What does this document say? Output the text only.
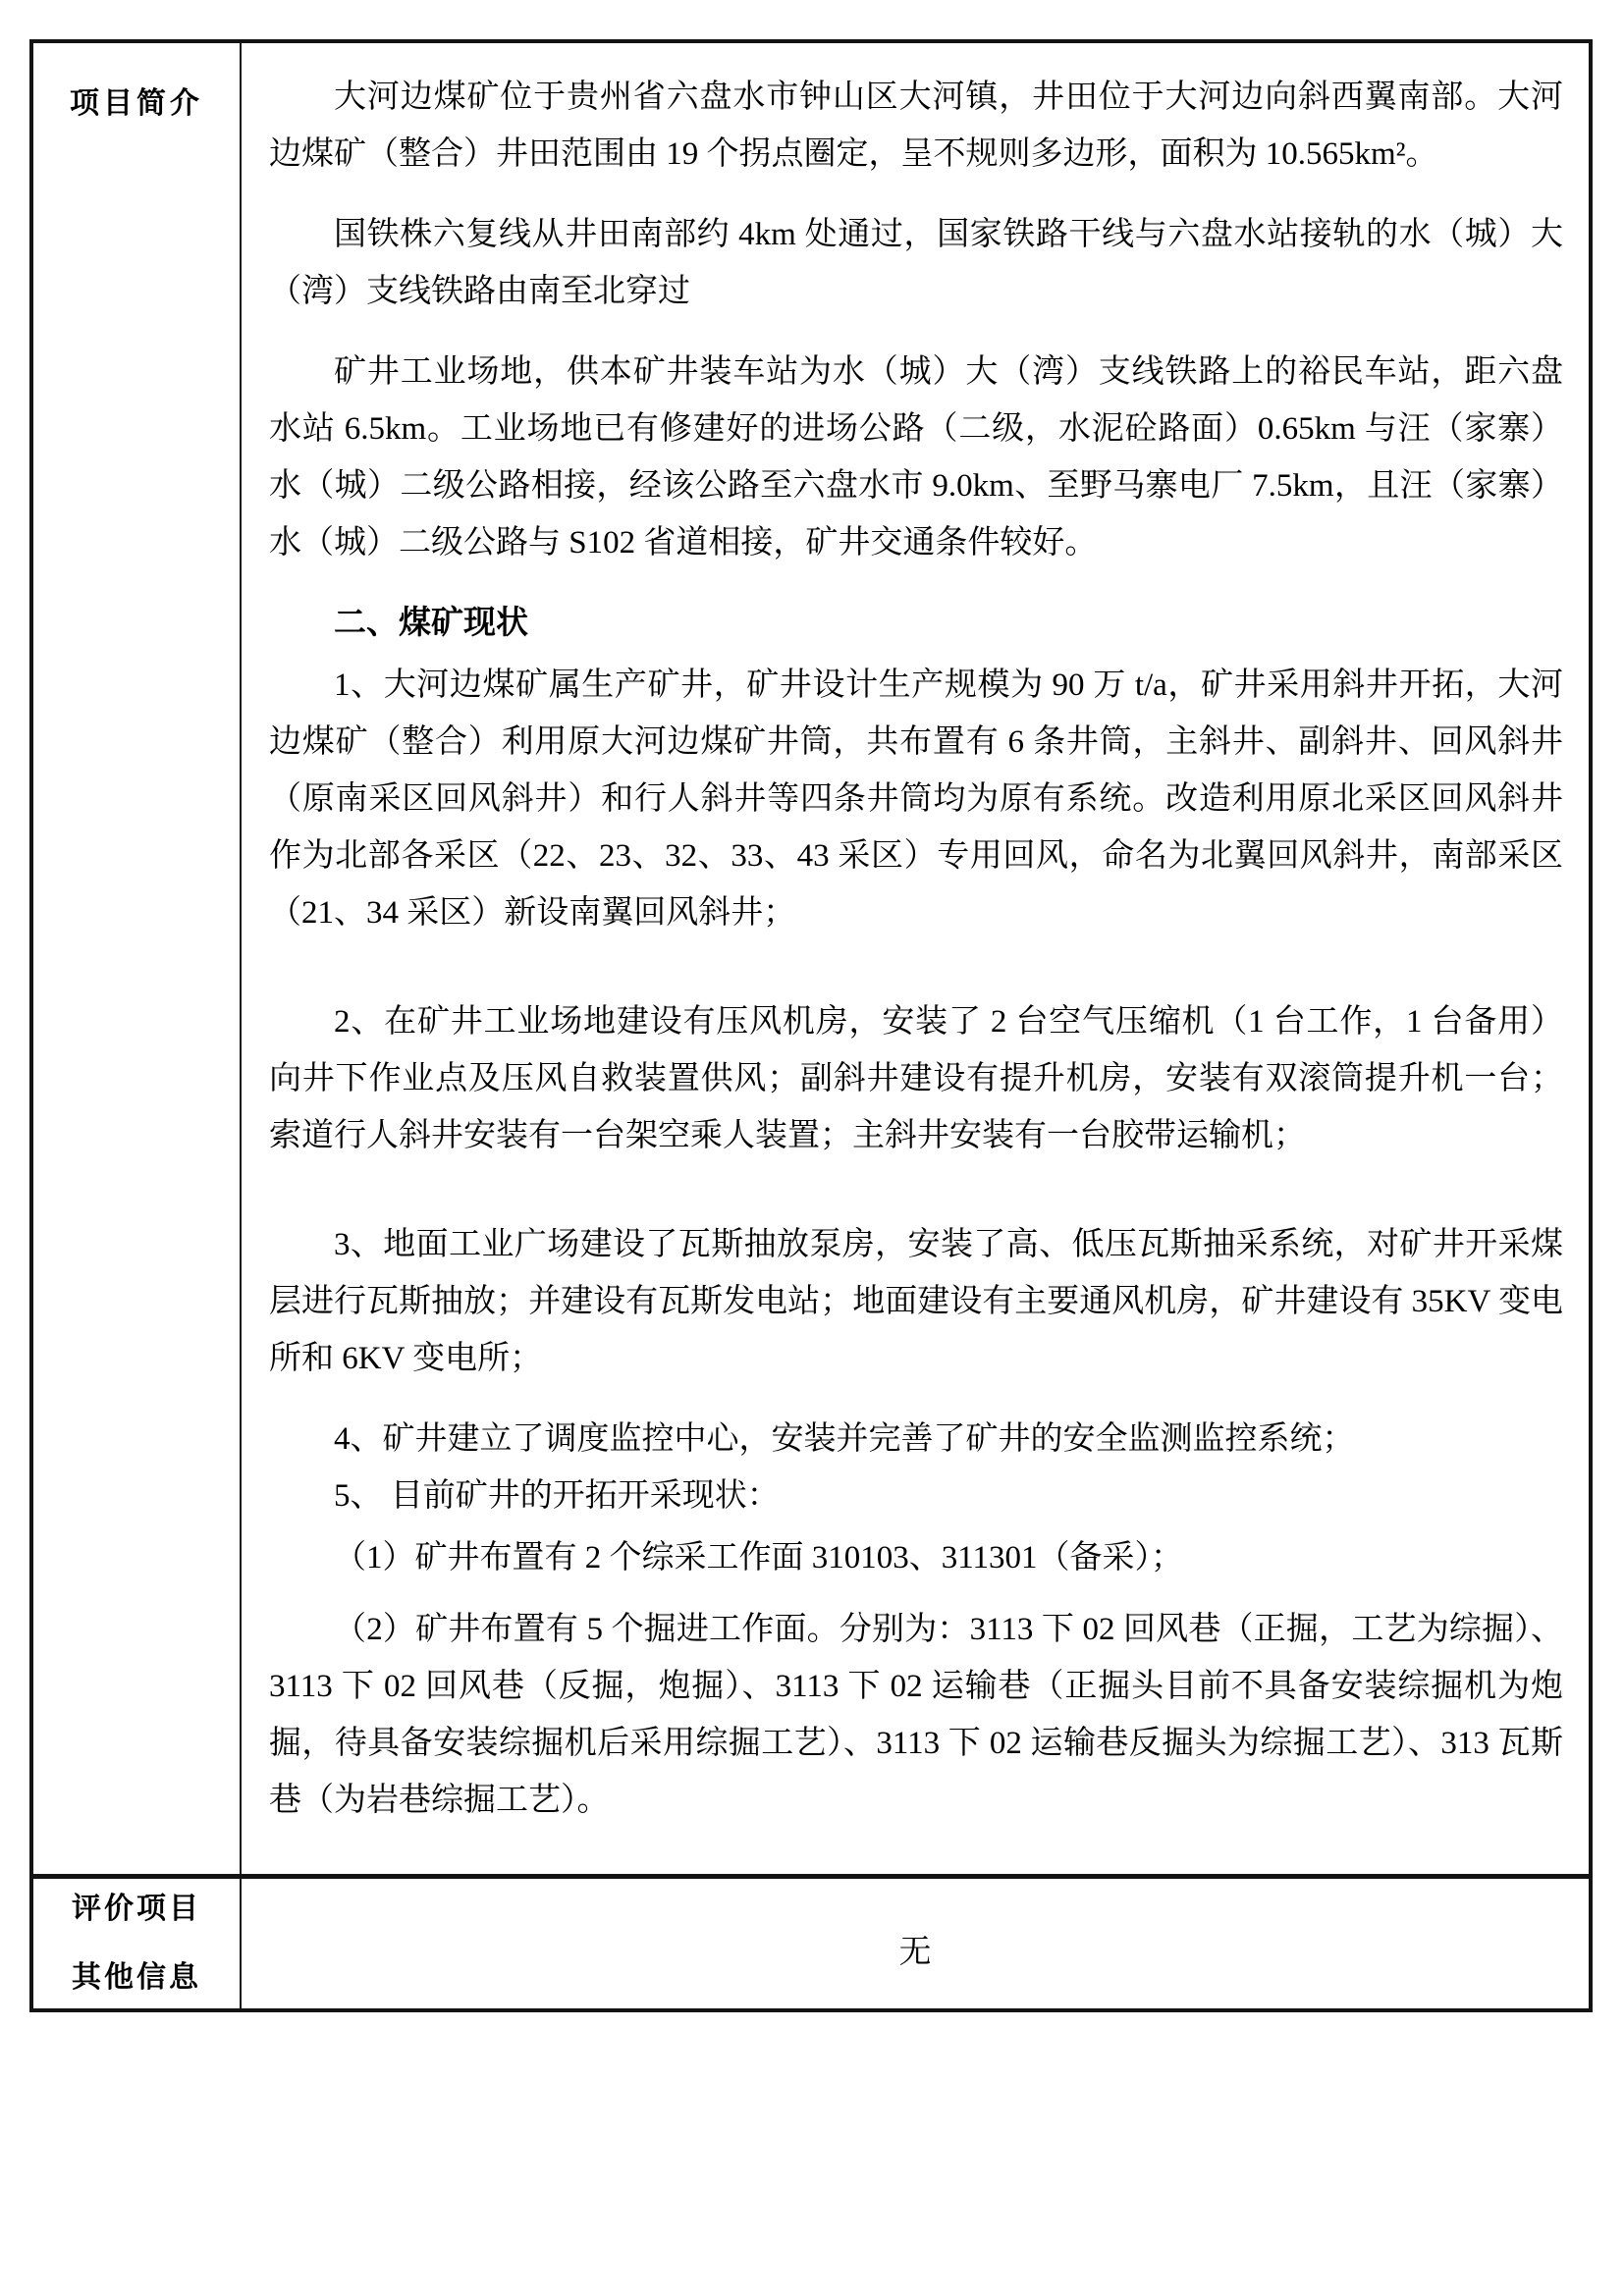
项目简介	大河边煤矿位于贵州省六盘水市钟山区大河镇，井田位于大河边向斜西翼南部。大河边煤矿（整合）井田范围由 19 个拐点圈定，呈不规则多边形，面积为 10.565km²。

国铁株六复线从井田南部约 4km 处通过，国家铁路干线与六盘水站接轨的水（城）大（湾）支线铁路由南至北穿过

矿井工业场地，供本矿井装车站为水（城）大（湾）支线铁路上的裕民车站，距六盘水站 6.5km。工业场地已有修建好的进场公路（二级，水泥砼路面）0.65km 与汪（家寨）水（城）二级公路相接，经该公路至六盘水市 9.0km、至野马寨电厂 7.5km，且汪（家寨）水（城）二级公路与 S102 省道相接，矿井交通条件较好。

二、煤矿现状

1、大河边煤矿属生产矿井，矿井设计生产规模为 90 万 t/a，矿井采用斜井开拓，大河边煤矿（整合）利用原大河边煤矿井筒，共布置有 6 条井筒，主斜井、副斜井、回风斜井（原南采区回风斜井）和行人斜井等四条井筒均为原有系统。改造利用原北采区回风斜井作为北部各采区（22、23、32、33、43 采区）专用回风，命名为北翼回风斜井，南部采区（21、34 采区）新设南翼回风斜井；

2、在矿井工业场地建设有压风机房，安装了 2 台空气压缩机（1 台工作，1 台备用）向井下作业点及压风自救装置供风；副斜井建设有提升机房，安装有双滚筒提升机一台；索道行人斜井安装有一台架空乘人装置；主斜井安装有一台胶带运输机；

3、地面工业广场建设了瓦斯抽放泵房，安装了高、低压瓦斯抽采系统，对矿井开采煤层进行瓦斯抽放；并建设有瓦斯发电站；地面建设有主要通风机房，矿井建设有 35KV 变电所和 6KV 变电所；

4、矿井建立了调度监控中心，安装并完善了矿井的安全监测监控系统；

5、 目前矿井的开拓开采现状：

（1）矿井布置有 2 个综采工作面 310103、311301（备采）；

（2）矿井布置有 5 个掘进工作面。分别为：3113 下 02 回风巷（正掘，工艺为综掘）、3113 下 02 回风巷（反掘，炮掘）、3113 下 02 运输巷（正掘头目前不具备安装综掘机为炮掘，待具备安装综掘机后采用综掘工艺）、3113 下 02 运输巷反掘头为综掘工艺）、313 瓦斯巷（为岩巷综掘工艺）。

评价项目
其他信息
无
